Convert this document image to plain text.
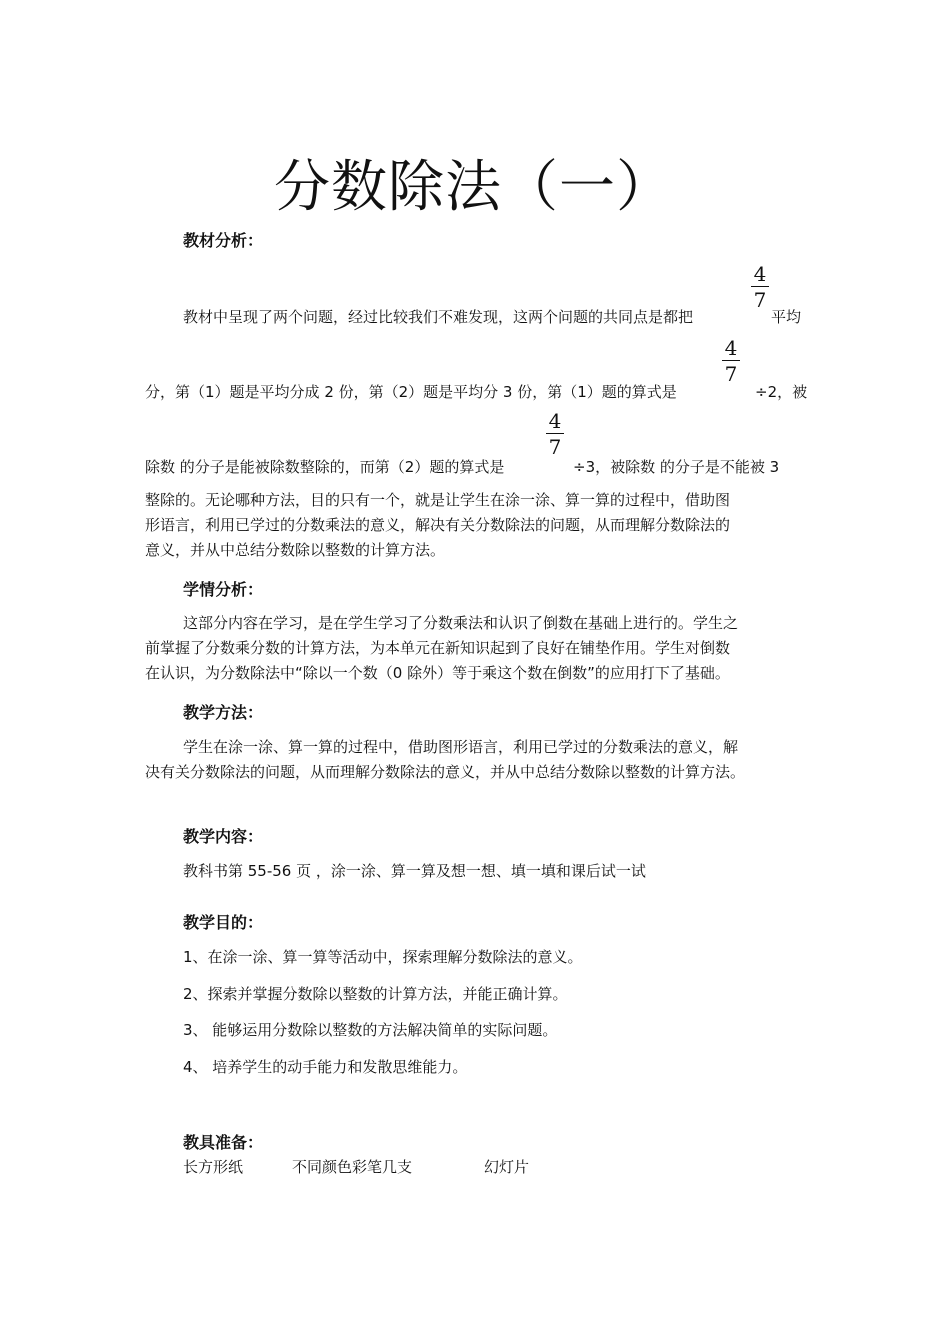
分数除法（一）
教材分析：
4
7
教材中呈现了两个问题，经过比较我们不难发现，这两个问题的共同点是都把	平均
4
7
分，第（1）题是平均分成 2 份，第（2）题是平均分 3 份，第（1）题的算式是	÷2，被
4
7
除数 的分子是能被除数整除的，而第（2）题的算式是	÷3，被除数 的分子是不能被 3
整除的。无论哪种方法，目的只有一个，就是让学生在涂一涂、算一算的过程中，借助图
形语言，利用已学过的分数乘法的意义，解决有关分数除法的问题，从而理解分数除法的
意义，并从中总结分数除以整数的计算方法。
学情分析：
这部分内容在学习，是在学生学习了分数乘法和认识了倒数在基础上进行的。学生之
前掌握了分数乘分数的计算方法，为本单元在新知识起到了良好在铺垫作用。学生对倒数
在认识，为分数除法中“除以一个数（0 除外）等于乘这个数在倒数”的应用打下了基础。
教学方法：
学生在涂一涂、算一算的过程中，借助图形语言，利用已学过的分数乘法的意义，解
决有关分数除法的问题，从而理解分数除法的意义，并从中总结分数除以整数的计算方法。
教学内容：
教科书第 55-56 页 ，涂一涂、算一算及想一想、填一填和课后试一试
教学目的：
1、在涂一涂、算一算等活动中，探索理解分数除法的意义。
2、探索并掌握分数除以整数的计算方法，并能正确计算。
3、 能够运用分数除以整数的方法解决简单的实际问题。
4、 培养学生的动手能力和发散思维能力。
教具准备：
长方形纸	不同颜色彩笔几支	幻灯片
